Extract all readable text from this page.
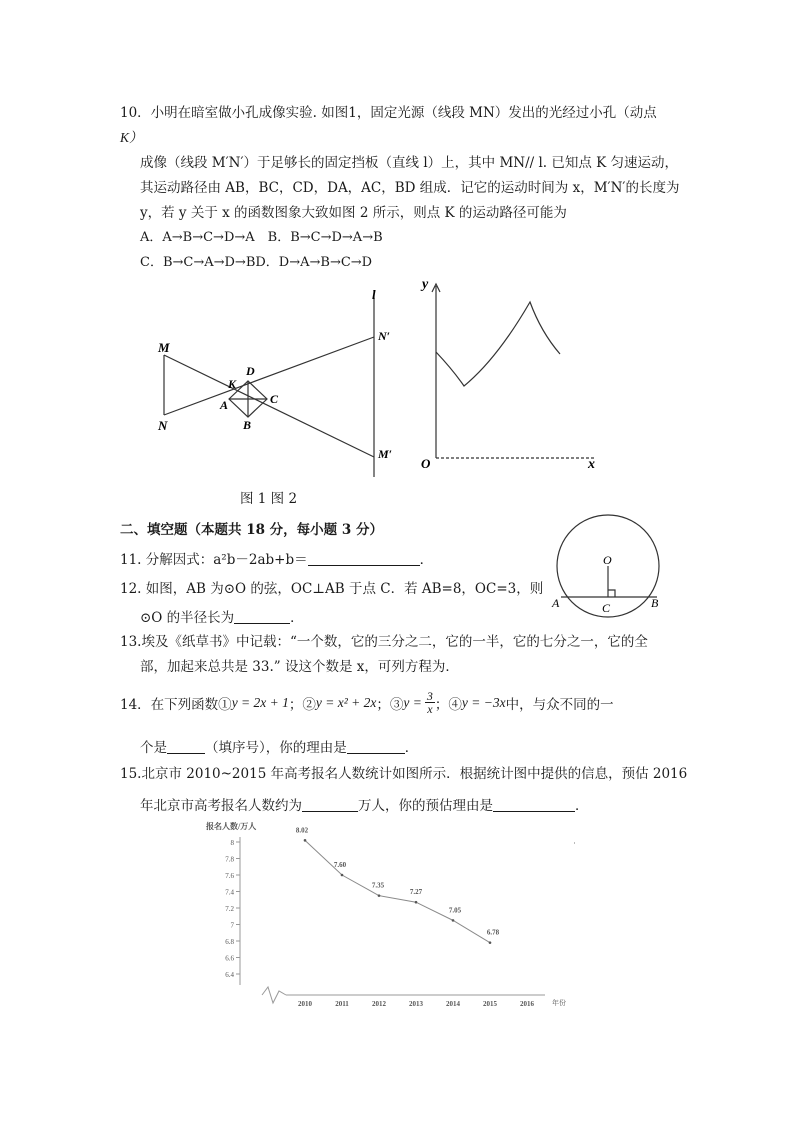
10．小明在暗室做小孔成像实验. 如图1，固定光源（线段 MN）发出的光经过小孔（动点
K）
成像（线段 M′N′）于足够长的固定挡板（直线 l）上，其中 MN// l. 已知点 K 匀速运动，
其运动路径由 AB，BC，CD，DA，AC，BD 组成．记它的运动时间为 x，M′N′的长度为
y，若 y 关于 x 的函数图象大致如图 2 所示，则点 K 的运动路径可能为
A．A→B→C→D→A　B．B→C→D→A→B
C．B→C→A→D→BD．D→A→B→C→D
M
N
K
D
A	C
B
l
N′
M′
y
O	x
图 1 图 2
二、填空题（本题共 18 分，每小题 3 分）
11. 分解因式：a²b－2ab+b＝	．	O
A	B
C
12. 如图，AB 为⊙O 的弦，OC⊥AB 于点 C．若 AB=8，OC=3，则
⊙O 的半径长为	．
13.埃及《纸草书》中记载：“一个数，它的三分之二，它的一半，它的七分之一，它的全
部，加起来总共是 33.” 设这个数是 x，可列方程为．
14．在下列函数① y = 2x + 1 ；② y = x² + 2x ；③ $y = \frac{3}{x}$ ；④ y = −3x 中，与众不同的一
个是	（填序号），你的理由是	．
15.北京市 2010~2015 年高考报名人数统计如图所示．根据统计图中提供的信息，预估 2016
年北京市高考报名人数约为	万人，你的预估理由是	．
报名人数/万人
年份
6.4
6.6
6.8
7
7.2
7.4
7.6
7.8
8
2010	2011	2012	2013	2014	2015	2016
8.02
7.60
7.35
7.27
7.05
6.78
